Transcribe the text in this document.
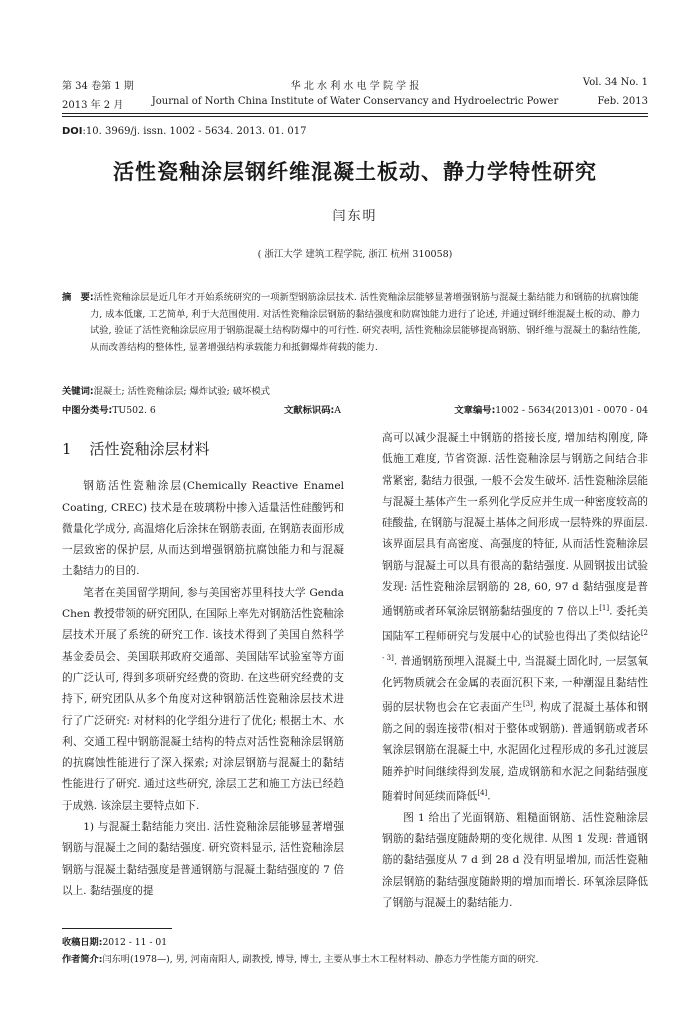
第 34 卷第 1 期	华 北 水 利 水 电 学 院 学 报	Vol. 34 No. 1
2013 年 2 月	Journal of North China Institute of Water Conservancy and Hydroelectric Power	Feb. 2013
DOI:10. 3969/j. issn. 1002 - 5634. 2013. 01. 017
活性瓷釉涂层钢纤维混凝土板动、静力学特性研究
闫东明
( 浙江大学 建筑工程学院, 浙江 杭州 310058)
摘　要:活性瓷釉涂层是近几年才开始系统研究的一项新型钢筋涂层技术. 活性瓷釉涂层能够显著增强钢筋与混凝土黏结能力和钢筋的抗腐蚀能力, 成本低廉, 工艺简单, 利于大范围使用. 对活性瓷釉涂层钢筋的黏结强度和防腐蚀能力进行了论述, 并通过钢纤维混凝土板的动、静力试验, 验证了活性瓷釉涂层应用于钢筋混凝土结构防爆中的可行性. 研究表明, 活性瓷釉涂层能够提高钢筋、钢纤维与混凝土的黏结性能, 从而改善结构的整体性, 显著增强结构承载能力和抵御爆炸荷载的能力.
关键词:混凝土; 活性瓷釉涂层; 爆炸试验; 破坏模式
中图分类号:TU502. 6	文献标识码:A	文章编号:1002 - 5634(2013)01 - 0070 - 04
1 活性瓷釉涂层材料

钢筋活性瓷釉涂层(Chemically Reactive Enamel Coating, CREC) 技术是在玻璃粉中掺入适量活性硅酸钙和微量化学成分, 高温熔化后涂抹在钢筋表面, 在钢筋表面形成一层致密的保护层, 从而达到增强钢筋抗腐蚀能力和与混凝土黏结力的目的.

笔者在美国留学期间, 参与美国密苏里科技大学 Genda Chen 教授带领的研究团队, 在国际上率先对钢筋活性瓷釉涂层技术开展了系统的研究工作. 该技术得到了美国自然科学基金委员会、美国联邦政府交通部、美国陆军试验室等方面的广泛认可, 得到多项研究经费的资助. 在这些研究经费的支持下, 研究团队从多个角度对这种钢筋活性瓷釉涂层技术进行了广泛研究: 对材料的化学组分进行了优化; 根据土木、水利、交通工程中钢筋混凝土结构的特点对活性瓷釉涂层钢筋的抗腐蚀性能进行了深入探索; 对涂层钢筋与混凝土的黏结性能进行了研究. 通过这些研究, 涂层工艺和施工方法已经趋于成熟. 该涂层主要特点如下.

1) 与混凝土黏结能力突出. 活性瓷釉涂层能够显著增强钢筋与混凝土之间的黏结强度. 研究资料显示, 活性瓷釉涂层钢筋与混凝土黏结强度是普通钢筋与混凝土黏结强度的 7 倍以上. 黏结强度的提

高可以减少混凝土中钢筋的搭接长度, 增加结构刚度, 降低施工难度, 节省资源. 活性瓷釉涂层与钢筋之间结合非常紧密, 黏结力很强, 一般不会发生破坏. 活性瓷釉涂层能与混凝土基体产生一系列化学反应并生成一种密度较高的硅酸盐, 在钢筋与混凝土基体之间形成一层特殊的界面层. 该界面层具有高密度、高强度的特征, 从而活性瓷釉涂层钢筋与混凝土可以具有很高的黏结强度. 从圆钢拔出试验发现: 活性瓷釉涂层钢筋的 28, 60, 97 d 黏结强度是普通钢筋或者环氧涂层钢筋黏结强度的 7 倍以上[1]. 委托美国陆军工程师研究与发展中心的试验也得出了类似结论[2 - 3]. 普通钢筋预埋入混凝土中, 当混凝土固化时, 一层氢氧化钙物质就会在金属的表面沉积下来, 一种潮湿且黏结性弱的层状物也会在它表面产生[3], 构成了混凝土基体和钢筋之间的弱连接带(相对于整体或钢筋). 普通钢筋或者环氧涂层钢筋在混凝土中, 水泥固化过程形成的多孔过渡层随养护时间继续得到发展, 造成钢筋和水泥之间黏结强度随着时间延续而降低[4].

图 1 给出了光面钢筋、粗糙面钢筋、活性瓷釉涂层钢筋的黏结强度随龄期的变化规律. 从图 1 发现: 普通钢筋的黏结强度从 7 d 到 28 d 没有明显增加, 而活性瓷釉涂层钢筋的黏结强度随龄期的增加而增长. 环氧涂层降低了钢筋与混凝土的黏结能力.

收稿日期:2012 - 11 - 01
作者简介:闫东明(1978—), 男, 河南南阳人, 副教授, 博导, 博士, 主要从事土木工程材料动、静态力学性能方面的研究.
